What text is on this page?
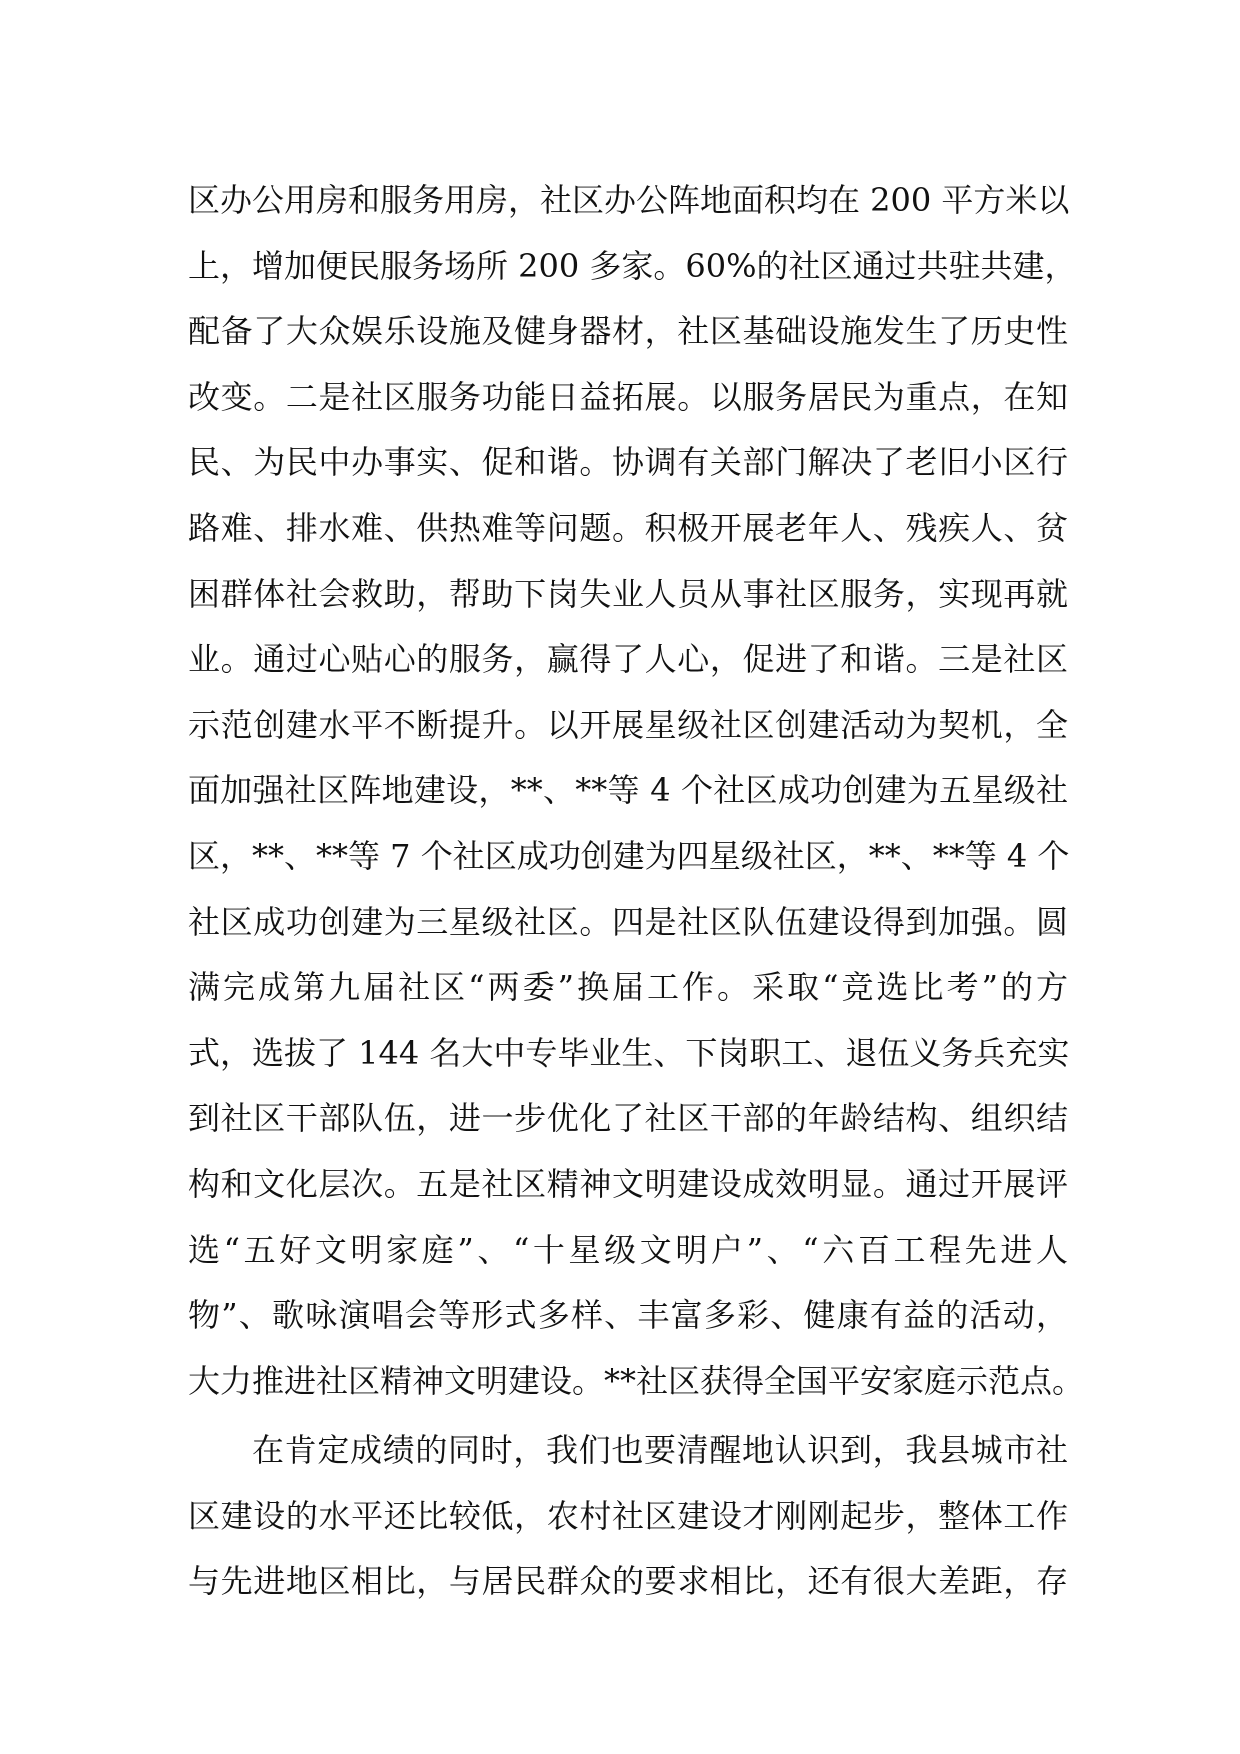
区办公用房和服务用房，社区办公阵地面积均在 200 平方米以
上，增加便民服务场所 200 多家。60%的社区通过共驻共建，
配备了大众娱乐设施及健身器材，社区基础设施发生了历史性
改变。二是社区服务功能日益拓展。以服务居民为重点，在知
民、为民中办事实、促和谐。协调有关部门解决了老旧小区行
路难、排水难、供热难等问题。积极开展老年人、残疾人、贫
困群体社会救助，帮助下岗失业人员从事社区服务，实现再就
业。通过心贴心的服务，赢得了人心，促进了和谐。三是社区
示范创建水平不断提升。以开展星级社区创建活动为契机，全
面加强社区阵地建设，**、**等 4 个社区成功创建为五星级社
区，**、**等 7 个社区成功创建为四星级社区，**、**等 4 个
社区成功创建为三星级社区。四是社区队伍建设得到加强。圆
满完成第九届社区“两委”换届工作。采取“竞选比考”的方
式，选拔了 144 名大中专毕业生、下岗职工、退伍义务兵充实
到社区干部队伍，进一步优化了社区干部的年龄结构、组织结
构和文化层次。五是社区精神文明建设成效明显。通过开展评
选“五好文明家庭”、“十星级文明户”、“六百工程先进人
物”、歌咏演唱会等形式多样、丰富多彩、健康有益的活动，
大力推进社区精神文明建设。**社区获得全国平安家庭示范点。
在肯定成绩的同时，我们也要清醒地认识到，我县城市社
区建设的水平还比较低，农村社区建设才刚刚起步，整体工作
与先进地区相比，与居民群众的要求相比，还有很大差距，存
